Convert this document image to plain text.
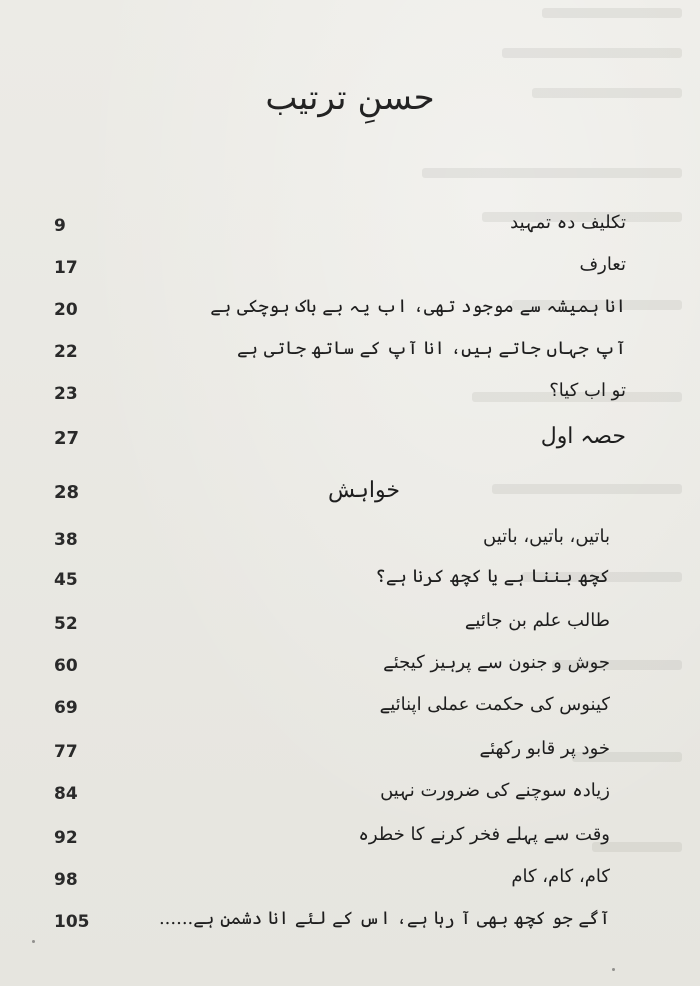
حسنِ ترتیب
9	تکلیف دہ تمہید
17	تعارف
20	انا ہمیشہ سے موجود تھی، اب یہ بے باک ہوچکی ہے
22	آپ جہاں جاتے ہیں، انا آپ کے ساتھ جاتی ہے
23	تو اب کیا؟
27	حصہ اول
28	خواہش
38	باتیں، باتیں، باتیں
45	کچھ بننا ہے یا کچھ کرنا ہے؟
52	طالب علم بن جائیے
60	جوش و جنون سے پرہیز کیجئے
69	کینوس کی حکمت عملی اپنائیے
77	خود پر قابو رکھئے
84	زیادہ سوچنے کی ضرورت نہیں
92	وقت سے پہلے فخر کرنے کا خطرہ
98	کام، کام، کام
105	آگے جو کچھ بھی آ رہا ہے، اس کے لئے انا دشمن ہے......
